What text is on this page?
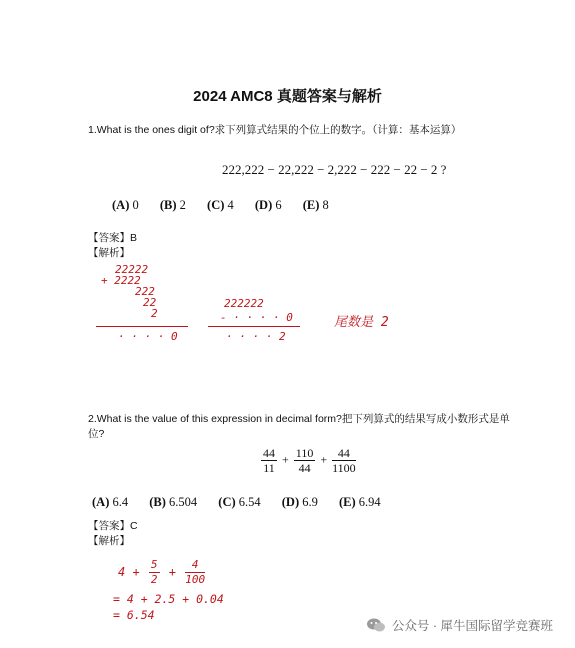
2024 AMC8 真题答案与解析
1.What is the ones digit of?求下列算式结果的个位上的数字。（计算：基本运算）
222,222 − 22,222 − 2,222 − 222 − 22 − 2 ?
(A) 0 (B) 2 (C) 4 (D) 6 (E) 8
【答案】B
【解析】
22222
+ 2222
222
22
2
· · · · 0
222222
- · · · · 0
· · · · 2
尾数是 2
2.What is the value of this expression in decimal form?把下列算式的结果写成小数形式是单
位?
$\frac{44}{11} + \frac{110}{44} + \frac{44}{1100}$
(A) 6.4 (B) 6.504 (C) 6.54 (D) 6.9 (E) 6.94
【答案】C
【解析】
$4 + \frac{5}{2} + \frac{4}{100}$
= 4 + 2.5 + 0.04
= 6.54
公众号 · 犀牛国际留学竞赛班
